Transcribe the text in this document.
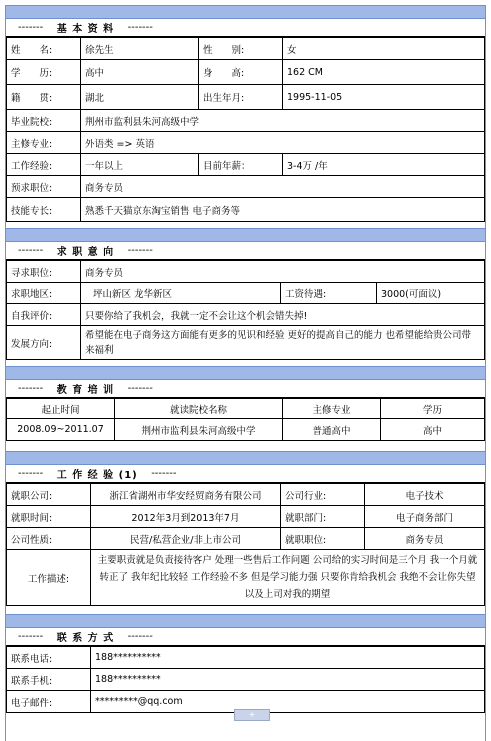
-------
基 本 资 料
-------
姓　　名:	徐先生	性　　别:	女
学　　历:	高中	身　　高:	162 CM
籍　　贯:	湖北	出生年月:	1995-11-05
毕业院校:	荆州市监利县朱河高级中学		
主修专业:	外语类 => 英语		
工作经验:	一年以上	目前年薪：	3-4万 /年
预求职位:	商务专员		
技能专长:	熟悉千天猫京东淘宝销售 电子商务等		
-------
求 职 意 向
-------
寻求职位:	商务专员		
求职地区:	坪山新区 龙华新区	工资待遇:	3000(可面议)
自我评价:	只要你给了我机会，我就一定不会让这个机会错失掉!		
发展方向:	希望能在电子商务这方面能有更多的见识和经验 更好的提高自己的能力 也希望能给贵公司带来福利		
-------
教 育 培 训
-------
起止时间	就读院校名称	主修专业	学历
2008.09~2011.07	荆州市监利县朱河高级中学	普通高中	高中
-------
工 作 经 验 (1)
-------
就职公司:	浙江省湖州市华安经贸商务有限公司	公司行业:	电子技术
就职时间:	2012年3月到2013年7月	就职部门:	电子商务部门
公司性质:	民营/私营企业/非上市公司	就职职位:	商务专员
工作描述:	主要职责就是负责接待客户 处理一些售后工作问题 公司给的实习时间是三个月 我一个月就转正了 我年纪比较轻 工作经验不多 但是学习能力强 只要你肯给我机会 我绝不会让你失望 以及上司对我的期望		
-------
联 系 方 式
-------
联系电话:	188**********
联系手机:	188**********
电子邮件:	*********@qq.com
+
